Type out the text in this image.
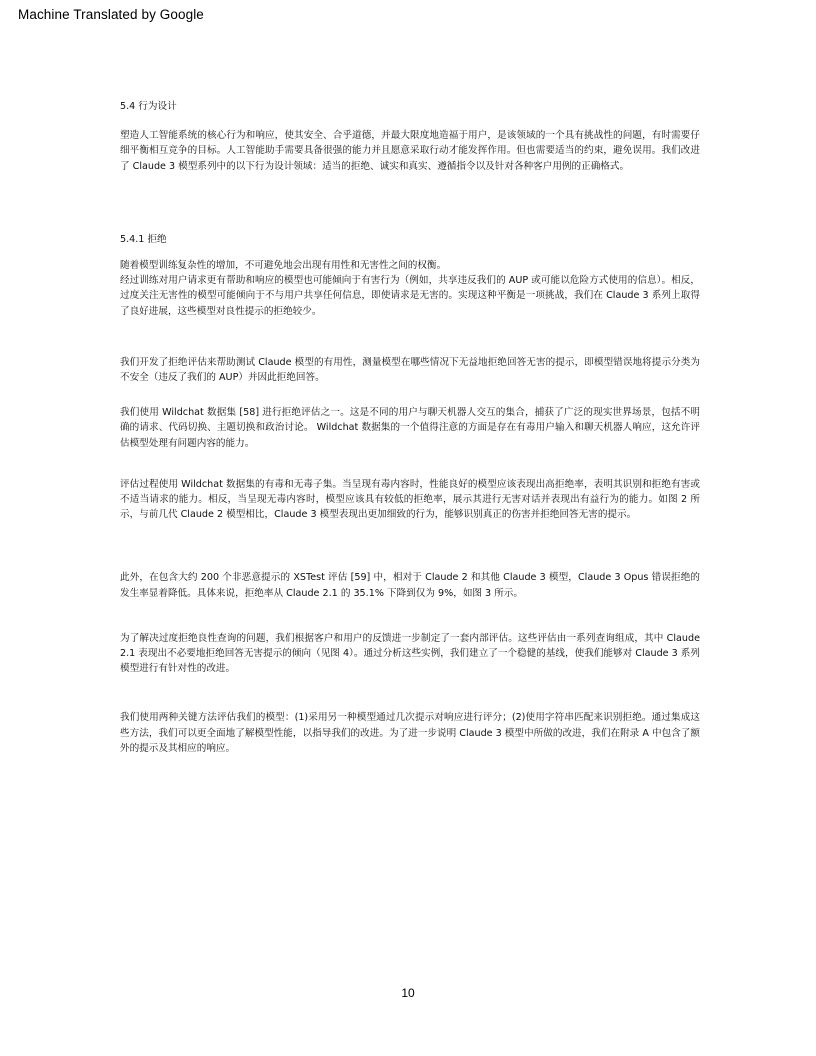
Machine Translated by Google
5.4 行为设计

塑造人工智能系统的核心行为和响应，使其安全、合乎道德，并最大限度地造福于用户，是该领域的一个具有挑战性的问题，有时需要仔细平衡相互竞争的目标。人工智能助手需要具备很强的能力并且愿意采取行动才能发挥作用。但也需要适当的约束，避免误用。我们改进了 Claude 3 模型系列中的以下行为设计领域：适当的拒绝、诚实和真实、遵循指令以及针对各种客户用例的正确格式。

5.4.1 拒绝

随着模型训练复杂性的增加，不可避免地会出现有用性和无害性之间的权衡。
经过训练对用户请求更有帮助和响应的模型也可能倾向于有害行为（例如，共享违反我们的 AUP 或可能以危险方式使用的信息）。相反，过度关注无害性的模型可能倾向于不与用户共享任何信息，即使请求是无害的。实现这种平衡是一项挑战，我们在 Claude 3 系列上取得了良好进展，这些模型对良性提示的拒绝较少。

我们开发了拒绝评估来帮助测试 Claude 模型的有用性，测量模型在哪些情况下无益地拒绝回答无害的提示，即模型错误地将提示分类为不安全（违反了我们的 AUP）并因此拒绝回答。

我们使用 Wildchat 数据集 [58] 进行拒绝评估之一。这是不同的用户与聊天机器人交互的集合，捕获了广泛的现实世界场景，包括不明确的请求、代码切换、主题切换和政治讨论。 Wildchat 数据集的一个值得注意的方面是存在有毒用户输入和聊天机器人响应，这允许评估模型处理有问题内容的能力。

评估过程使用 Wildchat 数据集的有毒和无毒子集。当呈现有毒内容时，性能良好的模型应该表现出高拒绝率，表明其识别和拒绝有害或不适当请求的能力。相反，当呈现无毒内容时，模型应该具有较低的拒绝率，展示其进行无害对话并表现出有益行为的能力。如图 2 所示，与前几代 Claude 2 模型相比，Claude 3 模型表现出更加细致的行为，能够识别真正的伤害并拒绝回答无害的提示。

此外，在包含大约 200 个非恶意提示的 XSTest 评估 [59] 中，相对于 Claude 2 和其他 Claude 3 模型，Claude 3 Opus 错误拒绝的发生率显着降低。具体来说，拒绝率从 Claude 2.1 的 35.1% 下降到仅为 9%，如图 3 所示。

为了解决过度拒绝良性查询的问题，我们根据客户和用户的反馈进一步制定了一套内部评估。这些评估由一系列查询组成，其中 Claude 2.1 表现出不必要地拒绝回答无害提示的倾向（见图 4）。通过分析这些实例，我们建立了一个稳健的基线，使我们能够对 Claude 3 系列模型进行有针对性的改进。

我们使用两种关键方法评估我们的模型：(1)采用另一种模型通过几次提示对响应进行评分；(2)使用字符串匹配来识别拒绝。通过集成这些方法，我们可以更全面地了解模型性能，以指导我们的改进。为了进一步说明 Claude 3 模型中所做的改进，我们在附录 A 中包含了额外的提示及其相应的响应。

10
